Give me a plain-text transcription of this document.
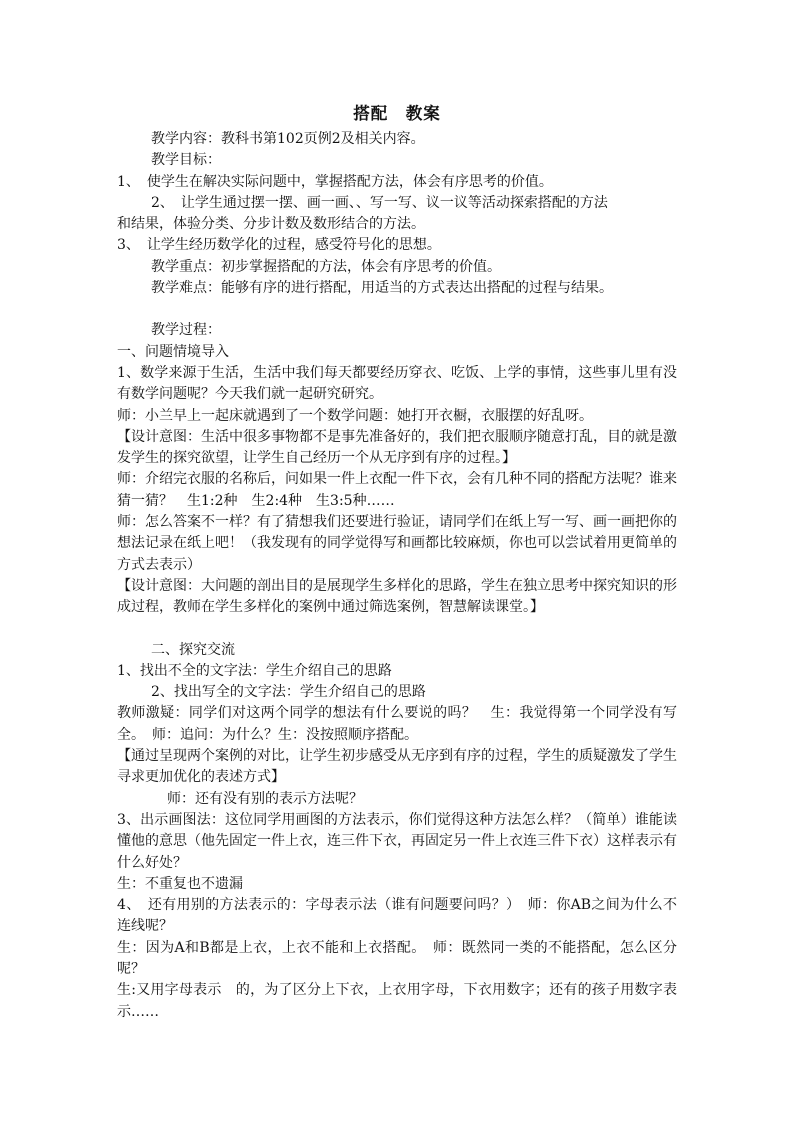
搭配　教案
教学内容：教科书第102页例2及相关内容。
教学目标：
1、　使学生在解决实际问题中，掌握搭配方法，体会有序思考的价值。
2、　让学生通过摆一摆、画一画、、写一写、议一议等活动探索搭配的方法
和结果，体验分类、分步计数及数形结合的方法。
3、　让学生经历数学化的过程，感受符号化的思想。
教学重点：初步掌握搭配的方法，体会有序思考的价值。
教学难点：能够有序的进行搭配，用适当的方式表达出搭配的过程与结果。
教学过程：
一、问题情境导入
1、数学来源于生活，生活中我们每天都要经历穿衣、吃饭、上学的事情，这些事儿里有没有数学问题呢？今天我们就一起研究研究。
师：小兰早上一起床就遇到了一个数学问题：她打开衣橱，衣服摆的好乱呀。
【设计意图：生活中很多事物都不是事先准备好的，我们把衣服顺序随意打乱，目的就是激发学生的探究欲望，让学生自己经历一个从无序到有序的过程。】
师：介绍完衣服的名称后，问如果一件上衣配一件下衣，会有几种不同的搭配方法呢？谁来猜一猜？　生1:2种　生2:4种　生3:5种……
师：怎么答案不一样？有了猜想我们还要进行验证，请同学们在纸上写一写、画一画把你的想法记录在纸上吧！（我发现有的同学觉得写和画都比较麻烦，你也可以尝试着用更简单的方式去表示）
【设计意图：大问题的剖出目的是展现学生多样化的思路，学生在独立思考中探究知识的形成过程，教师在学生多样化的案例中通过筛选案例，智慧解读课堂。】
二、探究交流
1、找出不全的文字法：学生介绍自己的思路
2、找出写全的文字法：学生介绍自己的思路
教师激疑：同学们对这两个同学的想法有什么要说的吗？　生：我觉得第一个同学没有写全。　师：追问：为什么？生：没按照顺序搭配。
【通过呈现两个案例的对比，让学生初步感受从无序到有序的过程，学生的质疑激发了学生寻求更加优化的表述方式】
师：还有没有别的表示方法呢？
3、出示画图法：这位同学用画图的方法表示，你们觉得这种方法怎么样？（简单）谁能读懂他的意思（他先固定一件上衣，连三件下衣，再固定另一件上衣连三件下衣）这样表示有什么好处？
生：不重复也不遗漏
4、　还有用别的方法表示的：字母表示法（谁有问题要问吗？）　师：你AB之间为什么不连线呢？
生：因为A和B都是上衣，上衣不能和上衣搭配。　师：既然同一类的不能搭配，怎么区分呢？
生:又用字母表示　的，为了区分上下衣，上衣用字母，下衣用数字；还有的孩子用数字表示……
